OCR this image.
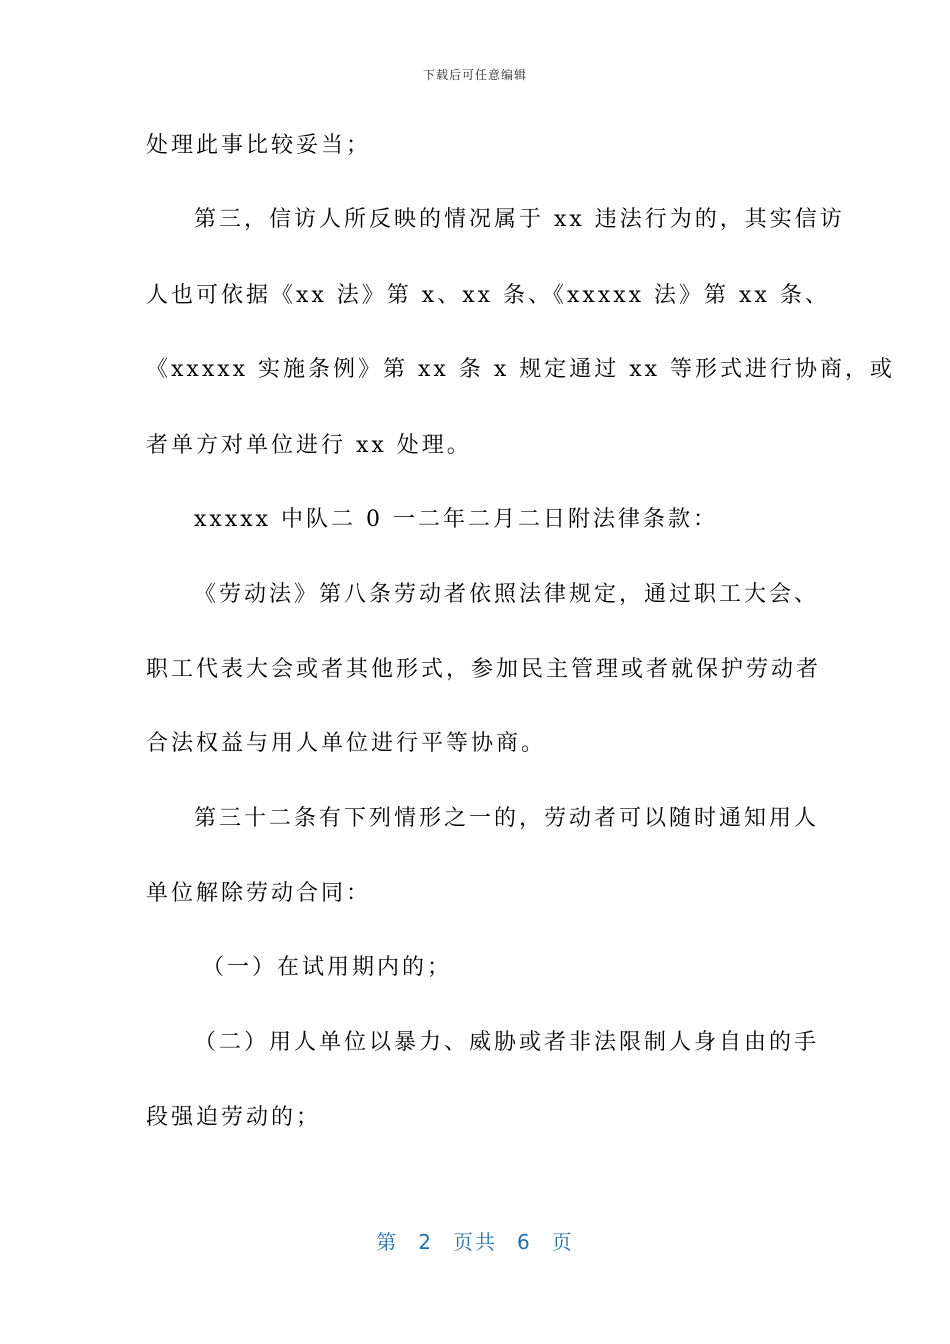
下载后可任意编辑
处理此事比较妥当；
第三，信访人所反映的情况属于 xx 违法行为的，其实信访
人也可依据《xx 法》第 x、xx 条、《xxxxx 法》第 xx 条、
《xxxxx 实施条例》第 xx 条 x 规定通过 xx 等形式进行协商，或
者单方对单位进行 xx 处理。
xxxxx 中队二 0 一二年二月二日附法律条款：
《劳动法》第八条劳动者依照法律规定，通过职工大会、
职工代表大会或者其他形式，参加民主管理或者就保护劳动者
合法权益与用人单位进行平等协商。
第三十二条有下列情形之一的，劳动者可以随时通知用人
单位解除劳动合同：
（一）在试用期内的；
（二）用人单位以暴力、威胁或者非法限制人身自由的手
段强迫劳动的；
第 2 页共 6 页
